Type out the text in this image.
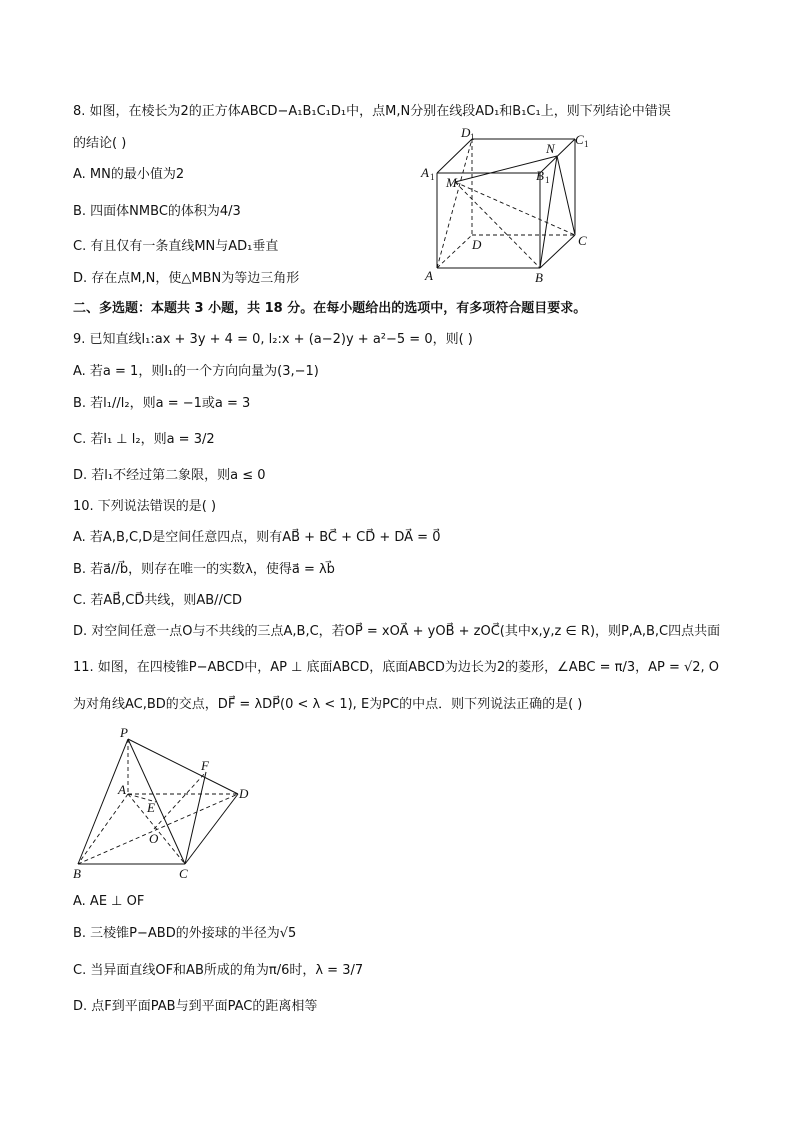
8. 如图，在棱长为2的正方体ABCD−A₁B₁C₁D₁中，点M,N分别在线段AD₁和B₁C₁上，则下列结论中错误
的结论( )
A. MN的最小值为2
B. 四面体NMBC的体积为4/3
C. 有且仅有一条直线MN与AD₁垂直
D. 存在点M,N，使△MBN为等边三角形	A	B
C
D
A 1	B 1
C 1
D 1
M
N
二、多选题：本题共 3 小题，共 18 分。在每小题给出的选项中，有多项符合题目要求。
9. 已知直线l₁:ax + 3y + 4 = 0, l₂:x + (a−2)y + a²−5 = 0，则( )
A. 若a = 1，则l₁的一个方向向量为(3,−1)
B. 若l₁//l₂，则a = −1或a = 3
C. 若l₁ ⊥ l₂，则a = 3/2
D. 若l₁不经过第二象限，则a ≤ 0
10. 下列说法错误的是( )
A. 若A,B,C,D是空间任意四点，则有AB⃗ + BC⃗ + CD⃗ + DA⃗ = 0⃗
B. 若a⃗//b⃗，则存在唯一的实数λ，使得a⃗ = λb⃗
C. 若AB⃗,CD⃗共线，则AB//CD
D. 对空间任意一点O与不共线的三点A,B,C，若OP⃗ = xOA⃗ + yOB⃗ + zOC⃗(其中x,y,z ∈ R)，则P,A,B,C四点共面
11. 如图，在四棱锥P−ABCD中，AP ⊥ 底面ABCD，底面ABCD为边长为2的菱形，∠ABC = π/3，AP = √2, O
为对角线AC,BD的交点，DF⃗ = λDP⃗(0 < λ < 1), E为PC的中点．则下列说法正确的是( )
P
A
B	C
D
E
F
O
A. AE ⊥ OF
B. 三棱锥P−ABD的外接球的半径为√5
C. 当异面直线OF和AB所成的角为π/6时，λ = 3/7
D. 点F到平面PAB与到平面PAC的距离相等
